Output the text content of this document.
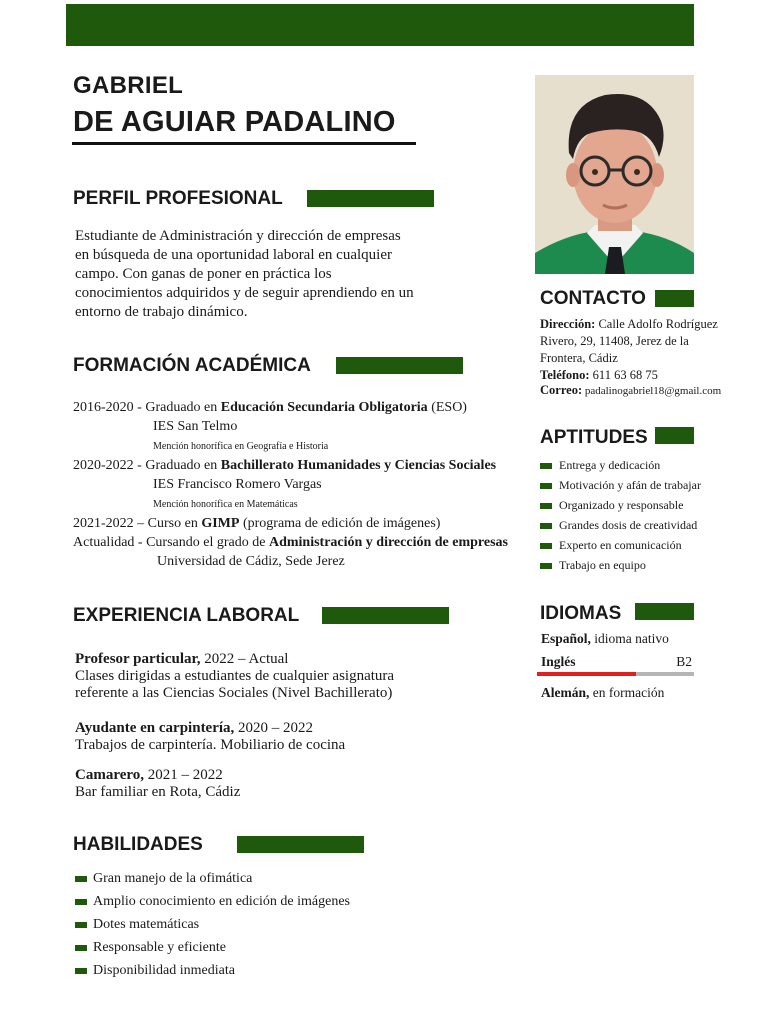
GABRIEL
DE AGUIAR PADALINO
PERFIL PROFESIONAL
Estudiante de Administración y dirección de empresas
en búsqueda de una oportunidad laboral en cualquier
campo. Con ganas de poner en práctica los
conocimientos adquiridos y de seguir aprendiendo en un
entorno de trabajo dinámico.
FORMACIÓN ACADÉMICA
2016-2020 - Graduado en Educación Secundaria Obligatoria (ESO)
IES San Telmo
Mención honorífica en Geografía e Historia
2020-2022 - Graduado en Bachillerato Humanidades y Ciencias Sociales
IES Francisco Romero Vargas
Mención honorífica en Matemáticas
2021-2022 – Curso en GIMP (programa de edición de imágenes)
Actualidad - Cursando el grado de Administración y dirección de empresas
Universidad de Cádiz, Sede Jerez
EXPERIENCIA LABORAL
Profesor particular, 2022 – Actual
Clases dirigidas a estudiantes de cualquier asignatura
referente a las Ciencias Sociales (Nivel Bachillerato)
Ayudante en carpintería, 2020 – 2022
Trabajos de carpintería. Mobiliario de cocina
Camarero, 2021 – 2022
Bar familiar en Rota, Cádiz
HABILIDADES
Gran manejo de la ofimática
Amplio conocimiento en edición de imágenes
Dotes matemáticas
Responsable y eficiente
Disponibilidad inmediata
CONTACTO
Dirección: Calle Adolfo Rodríguez
Rivero, 29, 11408, Jerez de la
Frontera, Cádiz
Teléfono: 611 63 68 75
Correo: padalinogabriel18@gmail.com
APTITUDES
Entrega y dedicación
Motivación y afán de trabajar
Organizado y responsable
Grandes dosis de creatividad
Experto en comunicación
Trabajo en equipo
IDIOMAS
Español, idioma nativo
Inglés	B2
Alemán, en formación
